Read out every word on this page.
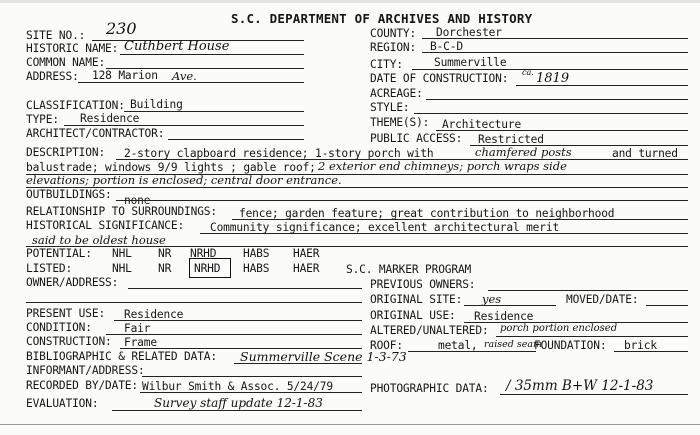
S.C. DEPARTMENT OF ARCHIVES AND HISTORY
SITE NO.: 230
HISTORIC NAME: Cuthbert House
COMMON NAME:
ADDRESS: 128 Marion Ave.
CLASSIFICATION: Building
TYPE: Residence
ARCHITECT/CONTRACTOR:
COUNTY: Dorchester
REGION: B-C-D
CITY:	Summerville
DATE OF CONSTRUCTION: ca. 1819
ACREAGE:
STYLE:
THEME(S): Architecture
PUBLIC ACCESS: Restricted
DESCRIPTION: 2-story clapboard residence; 1-story porch with	chamfered posts	and turned
balustrade; windows 9/9 lights ; gable roof; 2 exterior end chimneys; porch wraps side
elevations; portion is enclosed; central door entrance.
OUTBUILDINGS: none
RELATIONSHIP TO SURROUNDINGS: fence; garden feature; great contribution to neighborhood
HISTORICAL SIGNIFICANCE: Community significance; excellent architectural merit
said to be oldest house
POTENTIAL: NHL NR NRHD HABS HAER
LISTED:	NHL NR NRHD HABS HAER S.C. MARKER PROGRAM
OWNER/ADDRESS:	PREVIOUS OWNERS:
ORIGINAL SITE: yes	MOVED/DATE:
PRESENT USE: Residence	ORIGINAL USE: Residence
CONDITION:	Fair	ALTERED/UNALTERED: porch portion enclosed
CONSTRUCTION: Frame	ROOF:	metal, raised seam
FOUNDATION: brick
BIBLIOGRAPHIC & RELATED DATA: Summerville Scene 1-3-73
INFORMANT/ADDRESS:
RECORDED BY/DATE: Wilbur Smith & Assoc. 5/24/79	PHOTOGRAPHIC DATA: / 35mm B+W 12-1-83
EVALUATION:	Survey staff update 12-1-83
